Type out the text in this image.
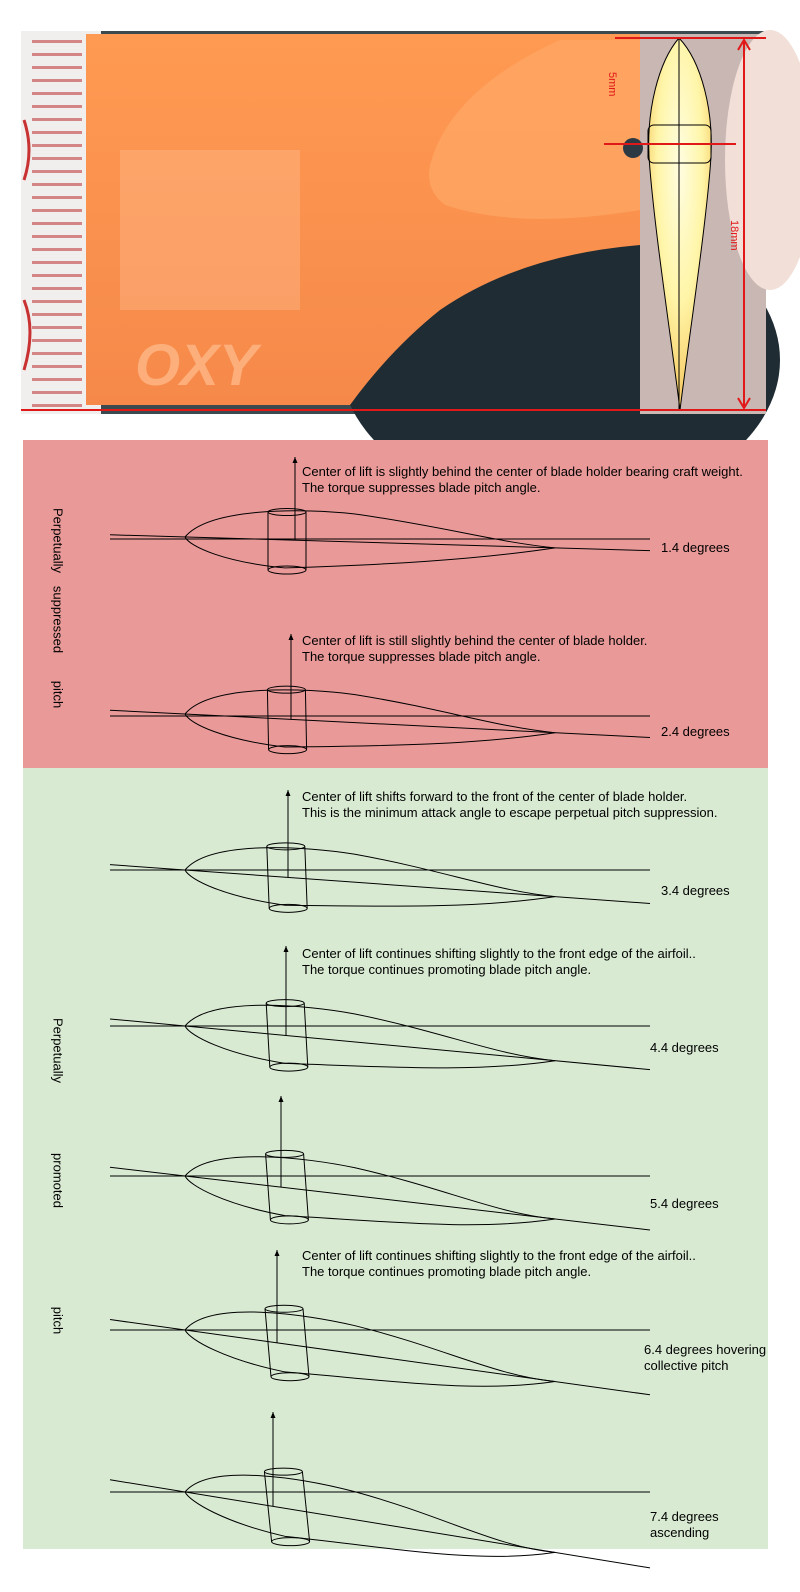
OXY
5mm
18mm
Perpetually
suppressed
pitch
Perpetually
promoted
pitch
Center of lift is slightly behind the center of blade holder bearing craft weight.
The torque suppresses blade pitch angle.
Center of lift is still slightly behind the center of blade holder.
The torque suppresses blade pitch angle.
Center of lift shifts forward to the front of the center of blade holder.
This is the minimum attack angle to escape perpetual pitch suppression.
Center of lift continues shifting slightly to the front edge of the airfoil..
The torque continues promoting blade pitch angle.
Center of lift continues shifting slightly to the front edge of the airfoil..
The torque continues promoting blade pitch angle.
1.4 degrees
2.4 degrees
3.4 degrees
4.4 degrees
5.4 degrees
6.4 degrees hovering
collective pitch
7.4 degrees
ascending
